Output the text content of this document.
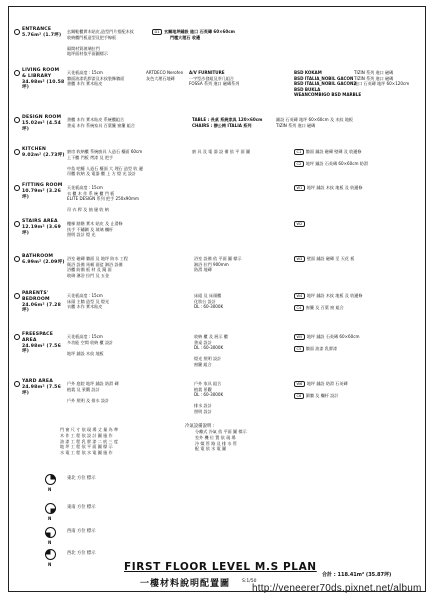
ENTRANCE
5.76m² (1.7坪)
玄關鞋櫃實木貼皮,造型門片搭配木紋
收納櫃門板造型及把手線板

隔間材質玻璃拉門
地坪面材依平面圖標示
D1 玄關地坪鋪設 進口 石英磚 60×60cm
門檻大理石 收邊
LIVING ROOM
& LIBRARY
34.98m² (10.58坪)
天花板高度 : 15cm
牆面油漆乳膠漆及木紋裝飾牆面
書櫃 木作 實木貼皮
ARTDECO Nerofen
灰色大理石地磚
A/V FURNITURE
一字型沙發組及茶几組合
FOSSA 系列 進口 磁磚系列
BSD KOKAM
BSD ITALIA_NOBIL GACON
BSD ITALIA_NOBIL GACON2
BSD BUKLA
WEANCOMBIGO BSD MARBLE
TIZIN 系列 進口 磁磚
TIZIN 系列 進口 磁磚
進口 石英磚 地坪 60×120cm
DESIGN ROOM
15.02m² (4.54坪)
書櫃 木作 實木貼皮 系統櫃組合
書桌 木作 系統家具 百葉簾 窗簾 組合
TABLE : 長桌 系統家具 120×60cm
CHAIRS : 辦公椅 ITALIA 系列
鋪設 石英磚 地坪 60×60cm 及 木紋 地板
TIZIN 系列 進口 磁磚
KITCHEN
9.02m² (2.73坪)
廚房 收納櫃 系統廚具 人造石 檯面 60cm
上下櫃 門板 烤漆 及 把手

中島 吧檯 人造石 檯面 大 理石 造型 收 邊
吊櫃 收納 及 電器 櫃 上 方 燈 光 設計
廚 具 及 電 器 設 備 依 平 面 圖	C1 牆面 鋪設 磁磚 壁磚 及 收邊條

C2 地坪 鋪設 石英磚 60×60cm 防滑
FITTING ROOM
10.79m² (3.26坪)
天花板高度 : 15cm
衣 櫃 木 作 系 統 櫃 門 板
ELITE DESIGN 系列 把手 250x90mm

吊 衣 桿 及 抽 屜 收 納
W1 地坪 鋪設 木紋 地板 及 收邊條
STAIRS AREA
12.19m² (3.69坪)
樓梯 踏階 實木 貼皮 及 止滑條
扶手 不鏽鋼 及 玻璃 欄杆
照明 設計 燈 光
W2
BATHROOM
6.99m² (2.09坪)
浴室 磁磚 牆面 及 地坪 防水 工程
衛浴 設備 馬桶 面盆 淋浴 設備
浴櫃 防潮 板 材 及 鏡 面
玻璃 淋浴 拉門 及 五金
浴室 設備 依 平面 圖 標示
淋浴 拉門 900mm
防滑 地磚
W3 壁面 鋪設 磁磚 至 天花 板
PARENTS' BEDROOM
24.06m² (7.28坪)
天花板高度 : 15cm
床頭 主牆 造型 及 燈光
衣櫃 木作 實木貼皮
床組 及 床頭櫃
化妝台 設計
DL : 60-3000K
W4 地坪 鋪設 木紋 地板 及 收邊條

C4 窗簾 及 百葉 窗 組合
FREESPACE AREA
24.98m² (7.56坪)
天花板高度 : 15cm
多功能 空間 收納 櫃 設計

地坪 鋪設 木紋 地板
收納 櫃 及 展示 櫃
書桌 設計
DL : 60-3000K

燈光 照明 設計
窗簾 組合
W5 地坪 鋪設 石英磚 60×60cm

C5 牆面 油漆 乳膠漆
YARD AREA
24.98m² (7.56坪)
戶外 庭院 地坪 鋪設 防滑 磚
植栽 及 景觀 設計

戶外 照明 及 排水 設計
戶外 家具 組合
植栽 景觀
DL : 60-3000K

排水 設計
照明 設計
W6 地坪 鋪設 防滑 石英磚

C6 圍牆 及 欄杆 設計
門 窗 尺 寸 依 現 場 丈 量 為 準
木 作 工 程 依 設 計 圖 施 作
油 漆 工 程 乳 膠 漆 二 底 三 度
地 坪 工 程 依 平 面 圖 標 示
水 電 工 程 依 水 電 圖 施 作
冷氣設備說明 :
分離式 冷氣 依 平面 圖 標示
室外 機 位 置 依 現 場
冷 媒 管 路 及 排 水 管
配 電 依 水 電 圖
N
東北 方位 標示
N
東南 方位 標示
N
西南 方位 標示
N
西北 方位 標示
FIRST FLOOR LEVEL M.S PLAN
一樓材料說明配置圖	S:1/50
合計 : 118.41m² (35.87坪)
http://veneerer70ds.pixnet.net/album
